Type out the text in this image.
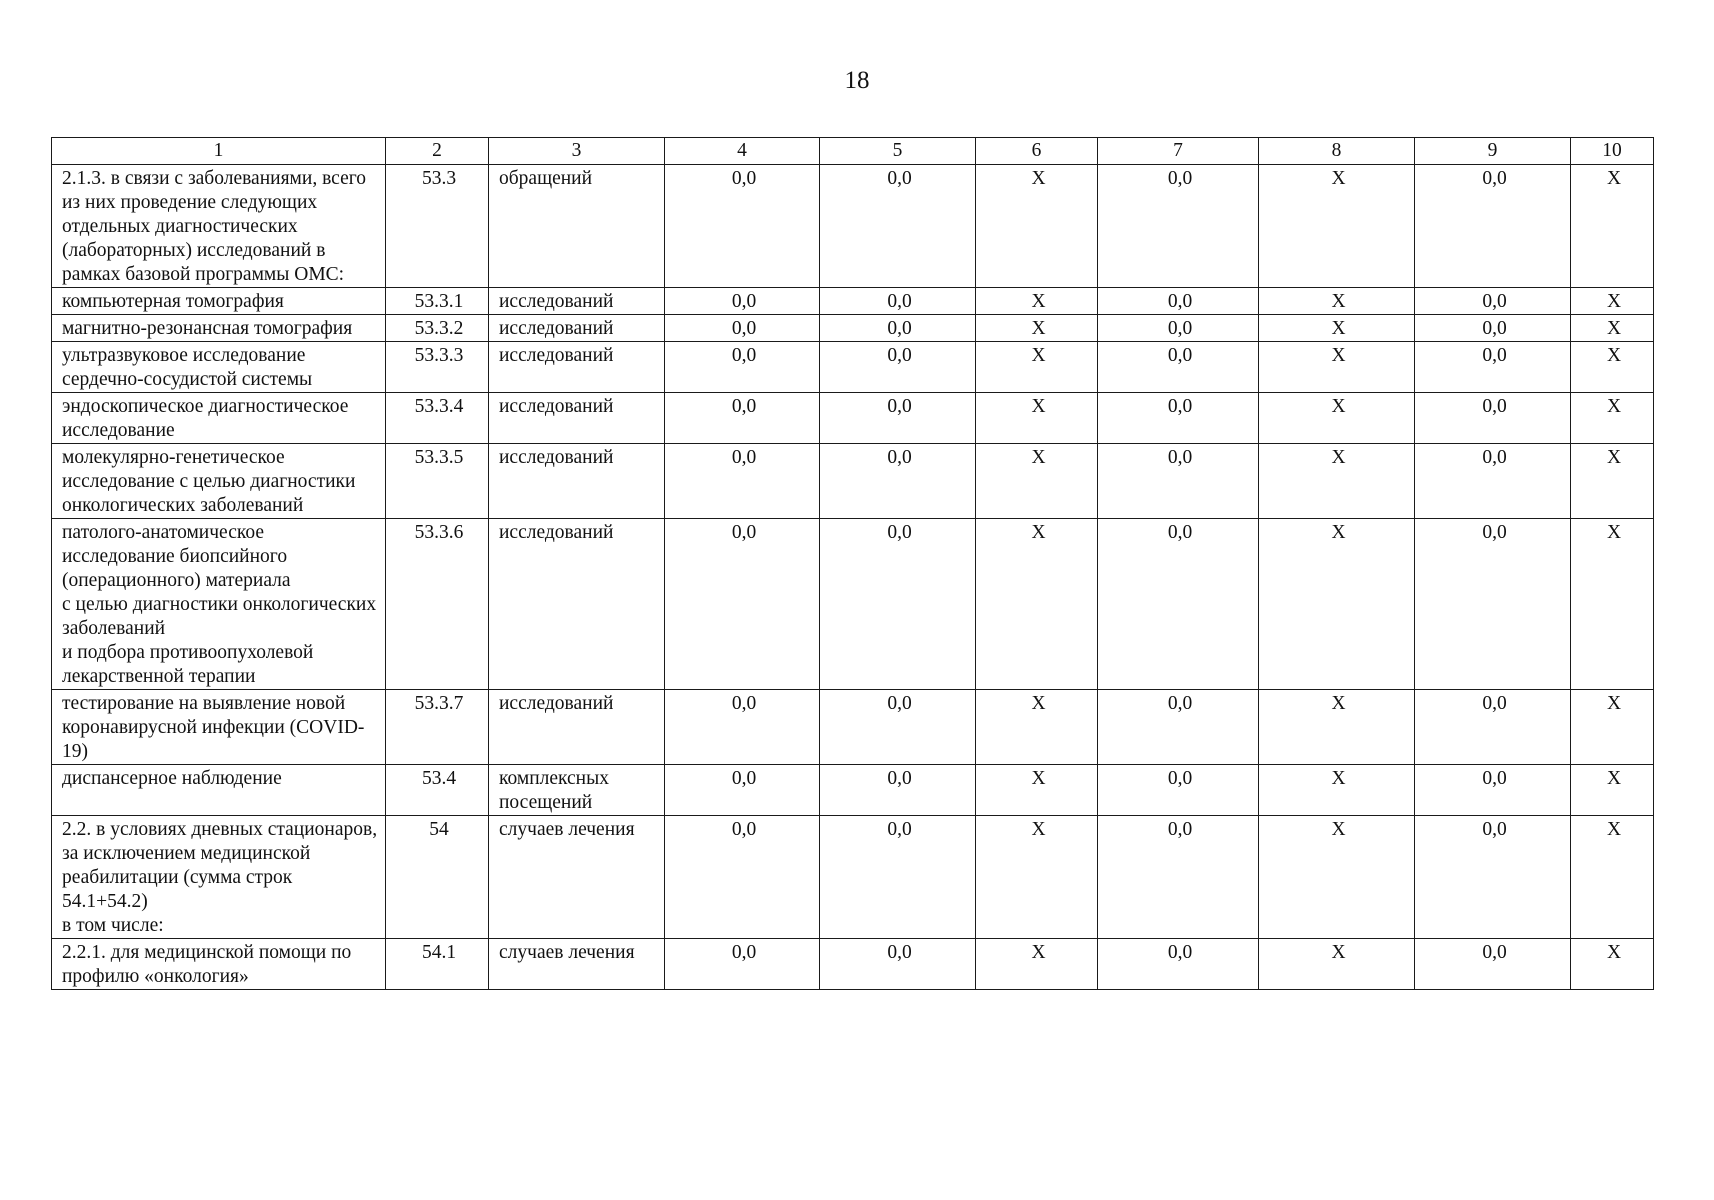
18
1	2	3	4	5	6	7	8	9	10
2.1.3. в связи с заболеваниями, всего
из них проведение следующих отдельных диагностических (лабораторных) исследований в рамках базовой программы ОМС:	53.3	обращений	0,0	0,0	Х	0,0	Х	0,0	Х
компьютерная томография	53.3.1	исследований	0,0	0,0	Х	0,0	Х	0,0	Х
магнитно-резонансная томография	53.3.2	исследований	0,0	0,0	Х	0,0	Х	0,0	Х
ультразвуковое исследование сердечно-сосудистой системы	53.3.3	исследований	0,0	0,0	Х	0,0	Х	0,0	Х
эндоскопическое диагностическое исследование	53.3.4	исследований	0,0	0,0	Х	0,0	Х	0,0	Х
молекулярно-генетическое исследование с целью диагностики онкологических заболеваний	53.3.5	исследований	0,0	0,0	Х	0,0	Х	0,0	Х
патолого-анатомическое исследование биопсийного (операционного) материала
с целью диагностики онкологических заболеваний
и подбора противоопухолевой лекарственной терапии	53.3.6	исследований	0,0	0,0	Х	0,0	Х	0,0	Х
тестирование на выявление новой коронавирусной инфекции (COVID-19)	53.3.7	исследований	0,0	0,0	Х	0,0	Х	0,0	Х
диспансерное наблюдение	53.4	комплексных посещений	0,0	0,0	Х	0,0	Х	0,0	Х
2.2. в условиях дневных стационаров, за исключением медицинской реабилитации (сумма строк 54.1+54.2)
в том числе:	54	случаев лечения	0,0	0,0	Х	0,0	Х	0,0	Х
2.2.1. для медицинской помощи по профилю «онкология»	54.1	случаев лечения	0,0	0,0	Х	0,0	Х	0,0	Х
